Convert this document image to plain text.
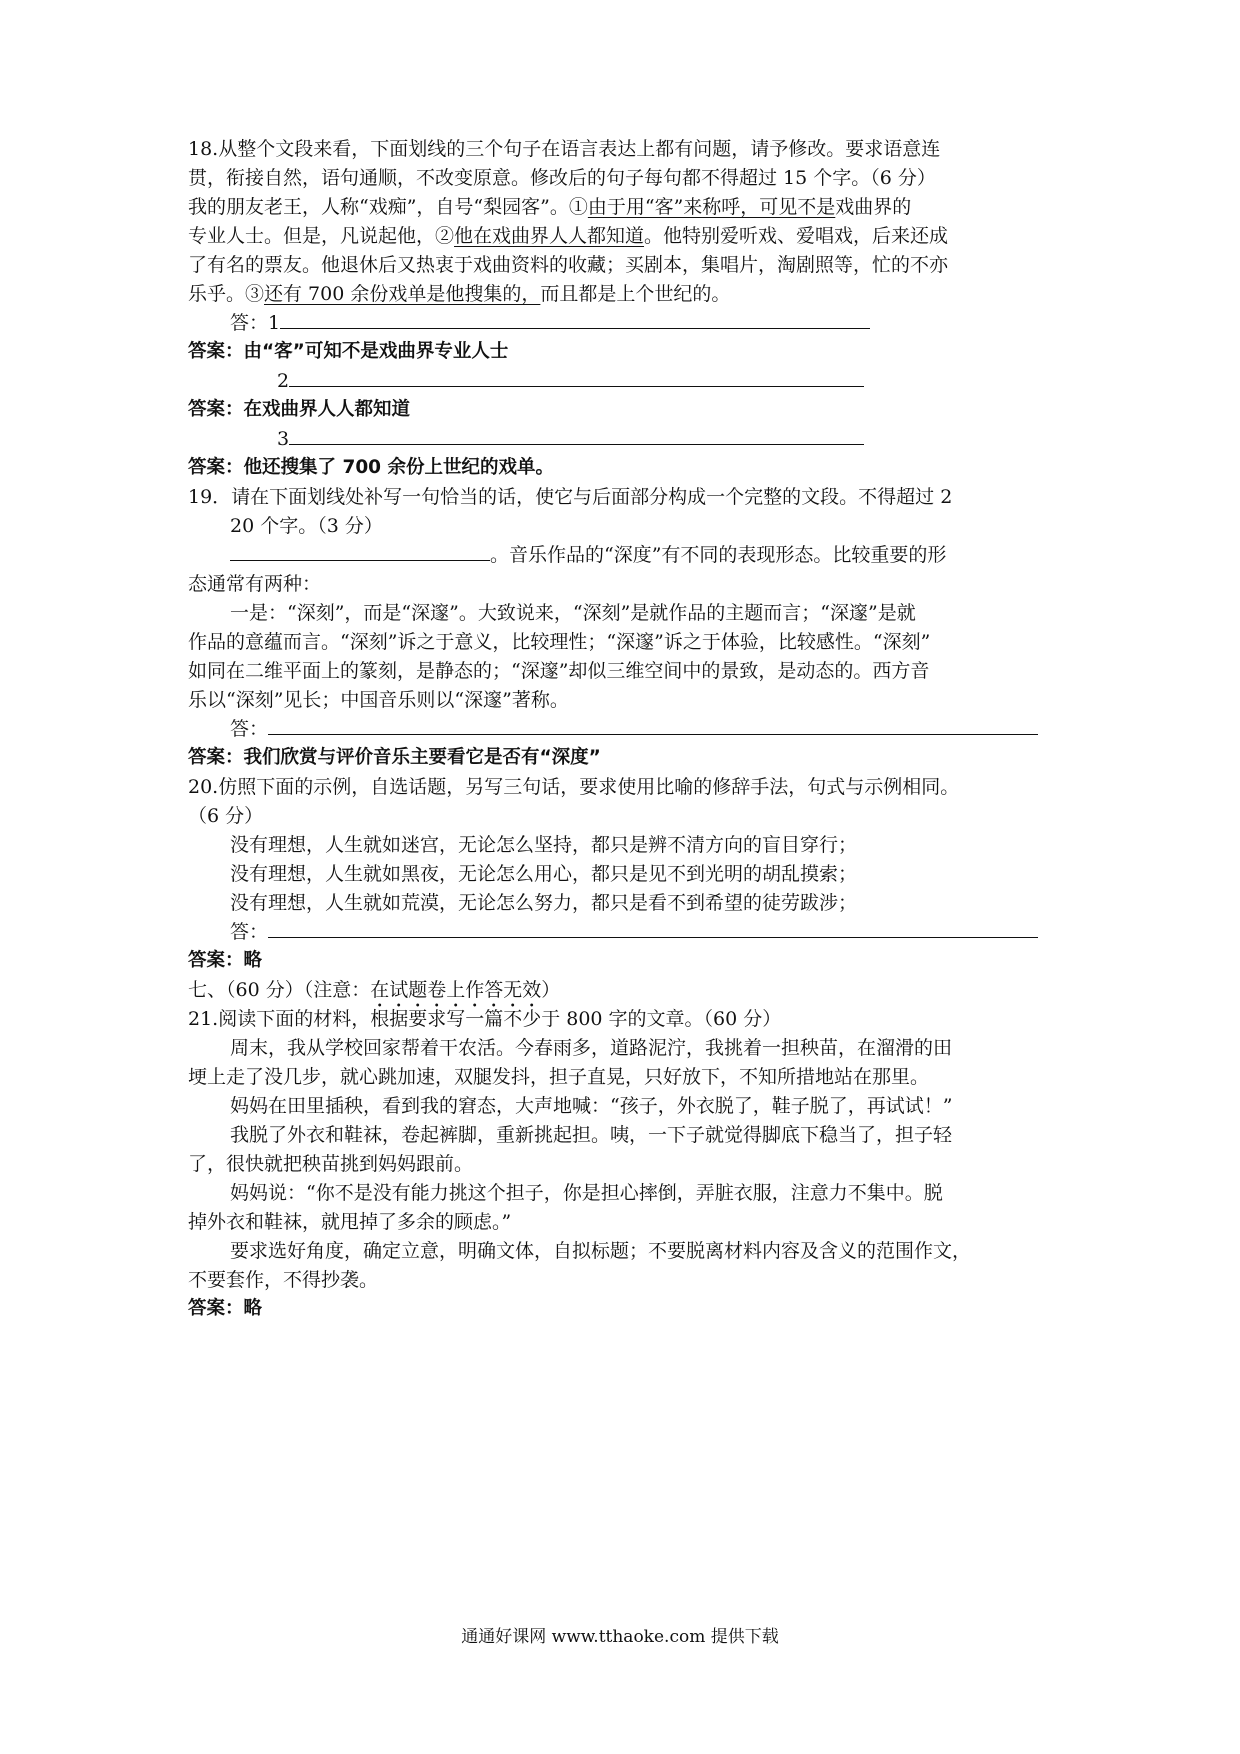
18.从整个文段来看，下面划线的三个句子在语言表达上都有问题，请予修改。要求语意连
贯，衔接自然，语句通顺，不改变原意。修改后的句子每句都不得超过 15 个字。（6 分）
我的朋友老王，人称“戏痴”，自号“梨园客”。①由于用“客”来称呼，可见不是戏曲界的
专业人士。但是，凡说起他，②他在戏曲界人人都知道。他特别爱听戏、爱唱戏，后来还成
了有名的票友。他退休后又热衷于戏曲资料的收藏；买剧本，集唱片，淘剧照等，忙的不亦
乐乎。③还有 700 余份戏单是他搜集的，而且都是上个世纪的。
答：1
答案：由“客”可知不是戏曲界专业人士
2
答案：在戏曲界人人都知道
3
答案：他还搜集了 700 余份上世纪的戏单。
19．请在下面划线处补写一句恰当的话，使它与后面部分构成一个完整的文段。不得超过 2
20 个字。（3 分）
。音乐作品的“深度”有不同的表现形态。比较重要的形
态通常有两种：
一是：“深刻”，而是“深邃”。大致说来，“深刻”是就作品的主题而言；“深邃”是就
作品的意蕴而言。“深刻”诉之于意义，比较理性；“深邃”诉之于体验，比较感性。“深刻”
如同在二维平面上的篆刻，是静态的；“深邃”却似三维空间中的景致，是动态的。西方音
乐以“深刻”见长；中国音乐则以“深邃”著称。
答：
答案：我们欣赏与评价音乐主要看它是否有“深度”
20.仿照下面的示例，自选话题，另写三句话，要求使用比喻的修辞手法，句式与示例相同。
（6 分）
没有理想，人生就如迷宫，无论怎么坚持，都只是辨不清方向的盲目穿行；
没有理想，人生就如黑夜，无论怎么用心，都只是见不到光明的胡乱摸索；
没有理想，人生就如荒漠，无论怎么努力，都只是看不到希望的徒劳跋涉；
答：
答案：略
七、（60 分）（注意：在试题卷上作答无效）
21.阅读下面的材料，根据要求写一篇不少于 800 字的文章。（60 分）
周末，我从学校回家帮着干农活。今春雨多，道路泥泞，我挑着一担秧苗，在溜滑的田
埂上走了没几步，就心跳加速，双腿发抖，担子直晃，只好放下，不知所措地站在那里。
妈妈在田里插秧，看到我的窘态，大声地喊：“孩子，外衣脱了，鞋子脱了，再试试！”
我脱了外衣和鞋袜，卷起裤脚，重新挑起担。咦，一下子就觉得脚底下稳当了，担子轻
了，很快就把秧苗挑到妈妈跟前。
妈妈说：“你不是没有能力挑这个担子，你是担心摔倒，弄脏衣服，注意力不集中。脱
掉外衣和鞋袜，就甩掉了多余的顾虑。”
要求选好角度，确定立意，明确文体，自拟标题；不要脱离材料内容及含义的范围作文，
不要套作，不得抄袭。
答案：略
通通好课网 www.tthaoke.com 提供下载
